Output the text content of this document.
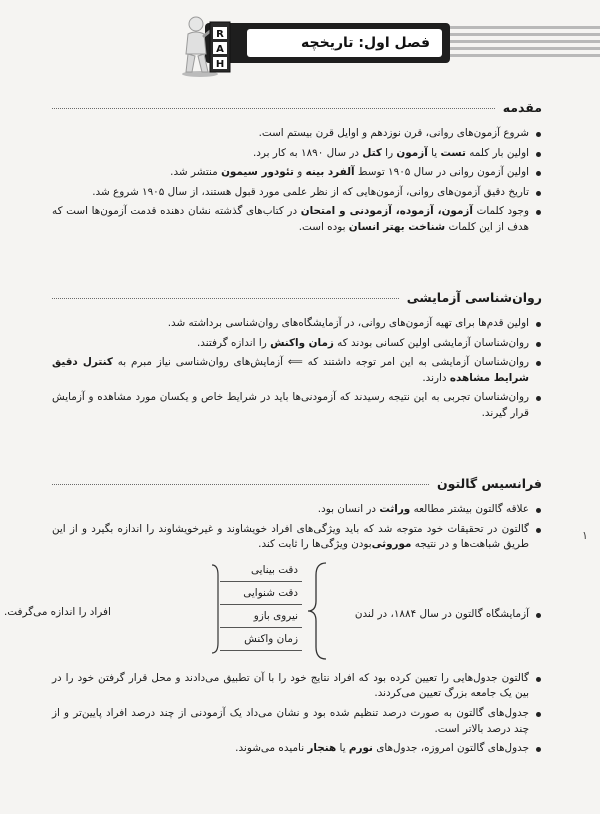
فصل اول: تاریخچه
R
A
H
مقدمه
شروع آزمون‌های روانی، قرن نوزدهم و اوایل قرن بیستم است.
اولین بار کلمه تست یا آزمون را کتل در سال ۱۸۹۰ به کار برد.
اولین آزمون روانی در سال ۱۹۰۵ توسط آلفرد بینه و تئودور سیمون منتشر شد.
تاریخ دقیق آزمون‌های روانی، آزمون‌هایی که از نظر علمی مورد قبول هستند، از سال ۱۹۰۵ شروع شد.
وجود کلمات آزمون، آزموده، آزمودنی و امتحان در کتاب‌های گذشته نشان دهنده قدمت آزمون‌ها است که هدف از این کلمات شناخت بهتر انسان بوده است.
روان‌شناسی آزمایشی
اولین قدم‌ها برای تهیه آزمون‌های روانی، در آزمایشگاه‌های روان‌شناسی برداشته شد.
روان‌شناسان آزمایشی اولین کسانی بودند که زمان واکنش را اندازه گرفتند.
روان‌شناسان آزمایشی به این امر توجه داشتند که ⟸ آزمایش‌های روان‌شناسی نیاز مبرم به کنترل دقیق شرایط مشاهده دارند.
روان‌شناسان تجربی به این نتیجه رسیدند که آزمودنی‌ها باید در شرایط خاص و یکسان مورد مشاهده و آزمایش قرار گیرند.
فرانسیس گالتون
علاقه گالتون بیشتر مطالعه وراثت در انسان بود.
گالتون در تحقیقات خود متوجه شد که باید ویژگی‌های افراد خویشاوند و غیرخویشاوند را اندازه بگیرد و از این طریق شباهت‌ها و در نتیجه موروثی‌بودن ویژگی‌ها را ثابت کند.
آزمایشگاه گالتون در سال ۱۸۸۴، در لندن
دقت بینایی
دقت شنوایی
نیروی بازو
زمان واکنش
افراد را اندازه می‌گرفت.
گالتون جدول‌هایی را تعیین کرده بود که افراد نتایج خود را با آن تطبیق می‌دادند و محل قرار گرفتن خود را در بین یک جامعه بزرگ تعیین می‌کردند.
جدول‌های گالتون به صورت درصد تنظیم شده بود و نشان می‌داد یک آزمودنی از چند درصد افراد پایین‌تر و از چند درصد بالاتر است.
جدول‌های گالتون امروزه، جدول‌های نورم یا هنجار نامیده می‌شوند.
۱
